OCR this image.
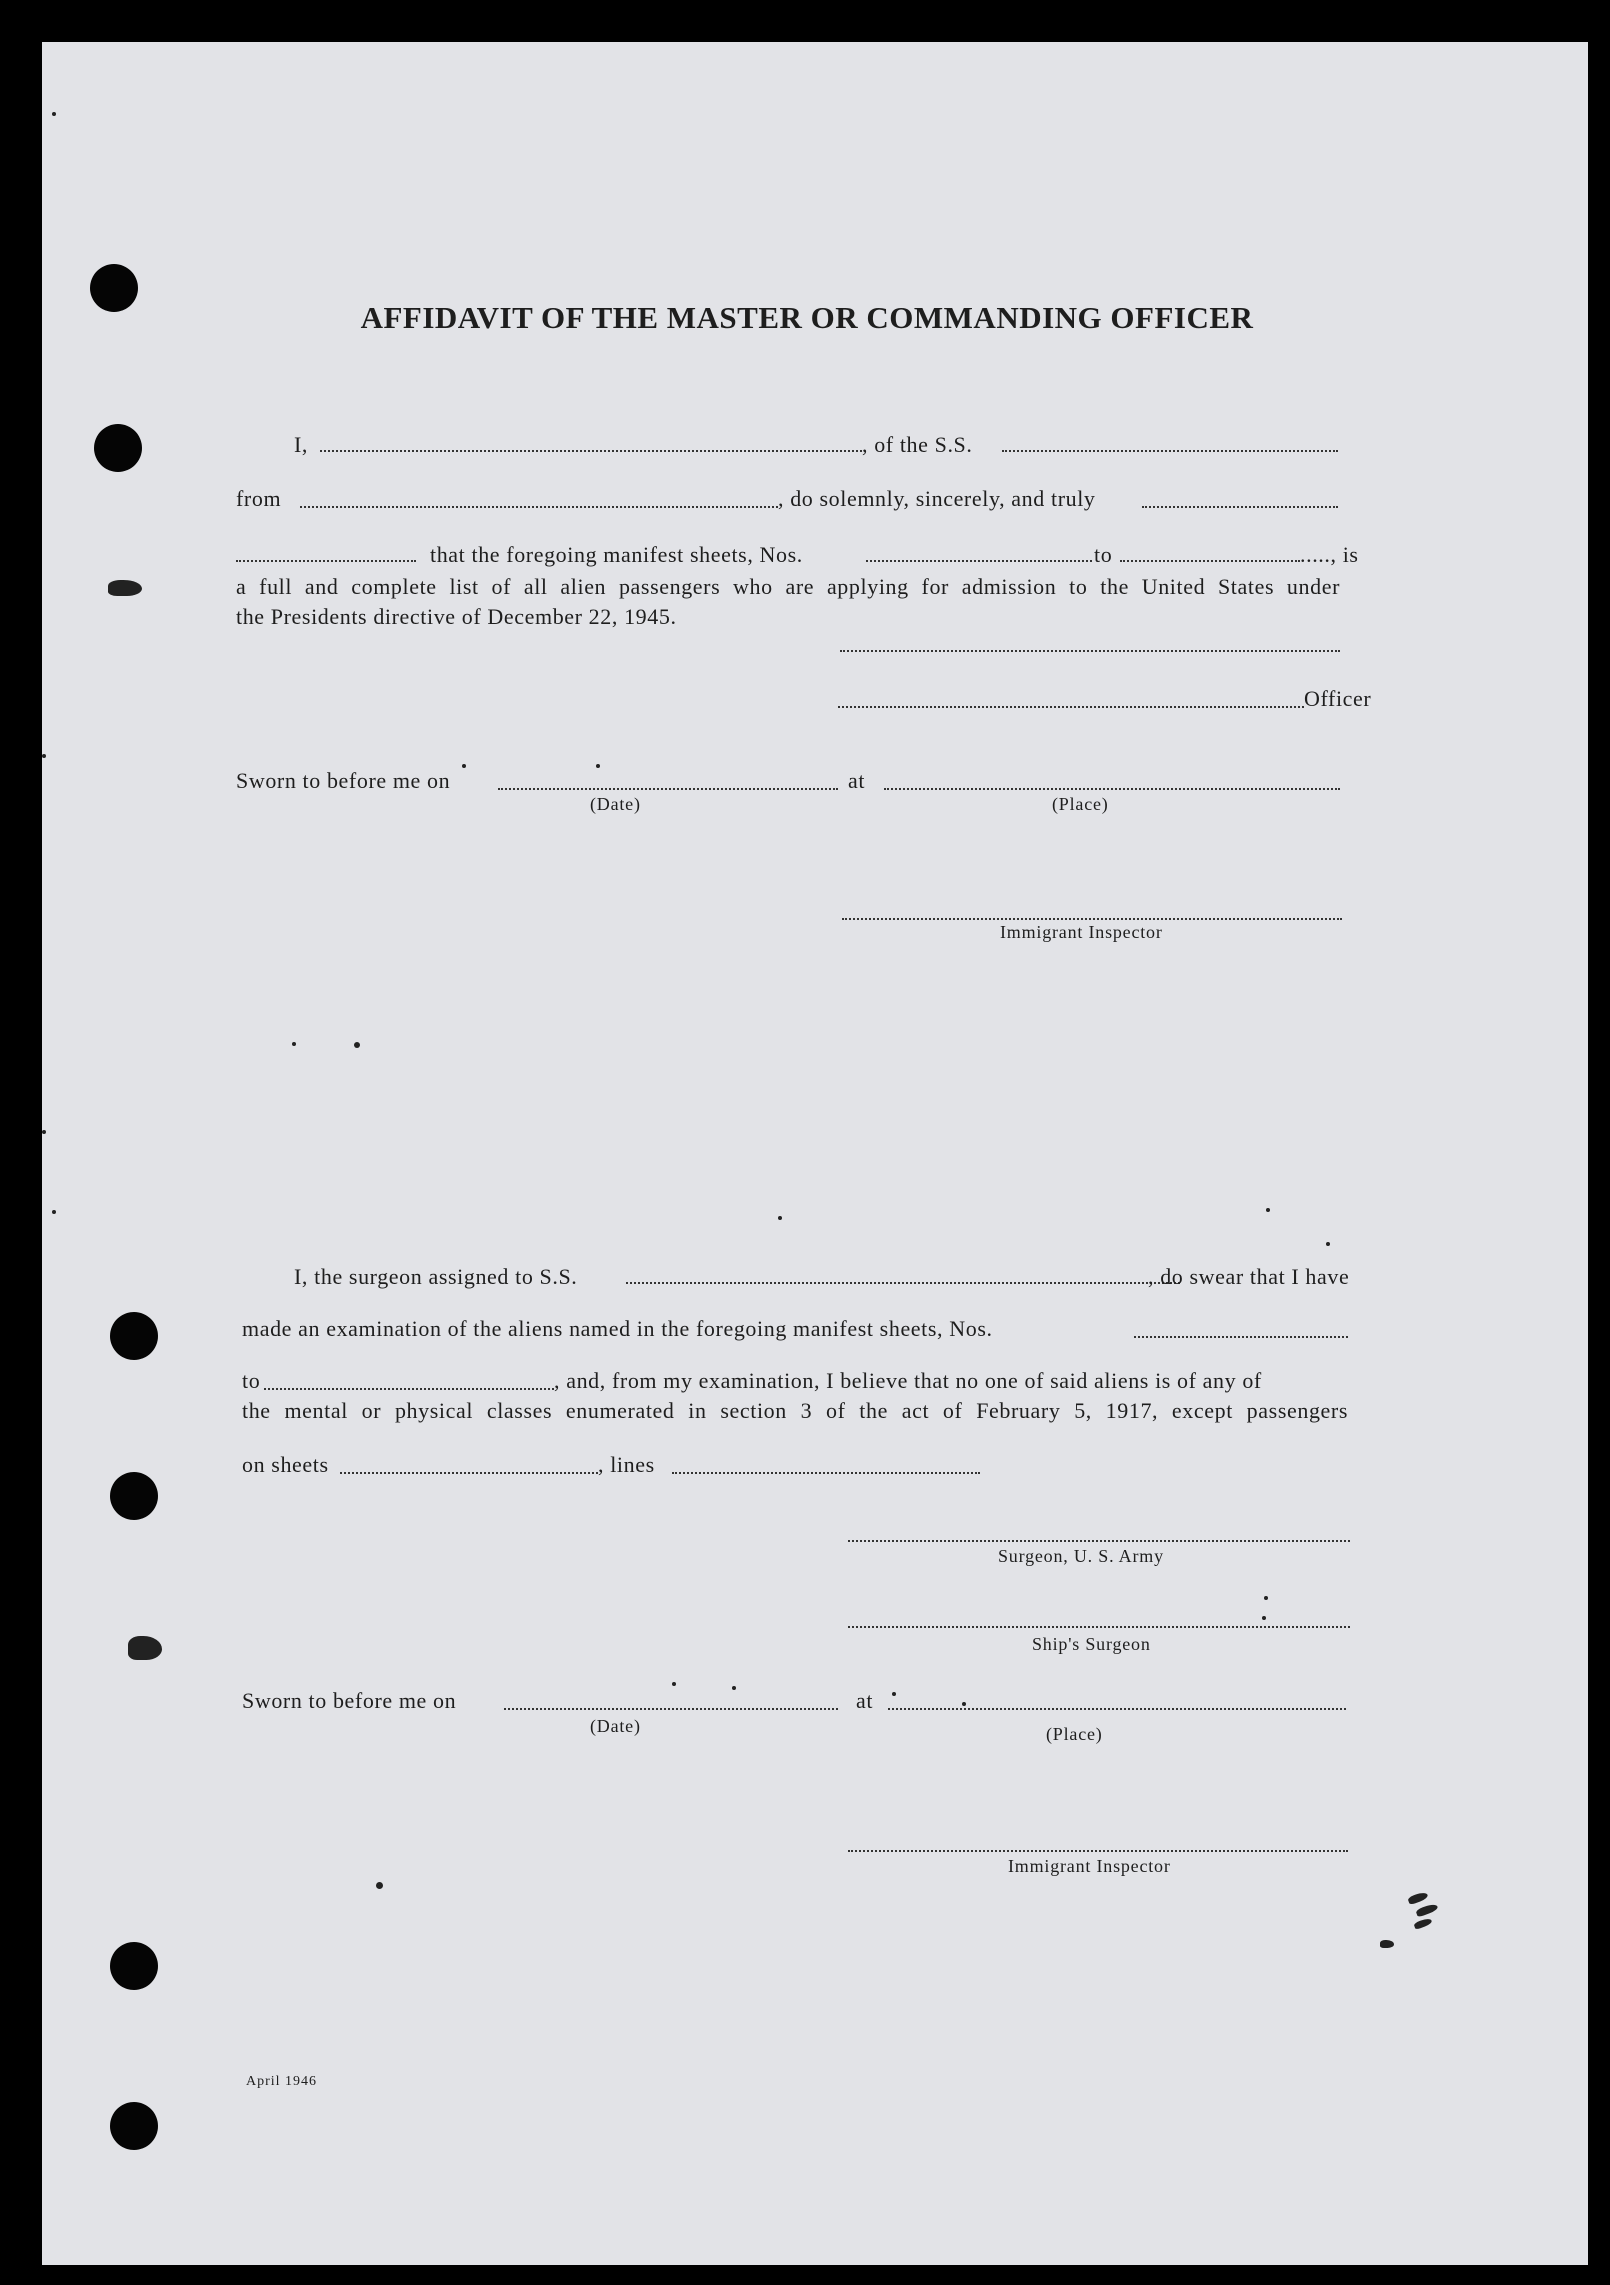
AFFIDAVIT OF THE MASTER OR COMMANDING OFFICER
I,	, of the S.S.
from	, do solemnly, sincerely, and truly
that the foregoing manifest sheets, Nos.	to	....., is
a full and complete list of all alien passengers who are applying for admission to the United States under
the Presidents directive of December 22, 1945.
Officer
Sworn to before me on	at
(Date)	(Place)
Immigrant Inspector
I, the surgeon assigned to S.S.	, do swear that I have
made an examination of the aliens named in the foregoing manifest sheets, Nos.
to	, and, from my examination, I believe that no one of said aliens is of any of
the mental or physical classes enumerated in section 3 of the act of February 5, 1917, except passengers
on sheets	, lines
Surgeon, U. S. Army
Ship's Surgeon
Sworn to before me on	at
(Date)	(Place)
Immigrant Inspector
April 1946
